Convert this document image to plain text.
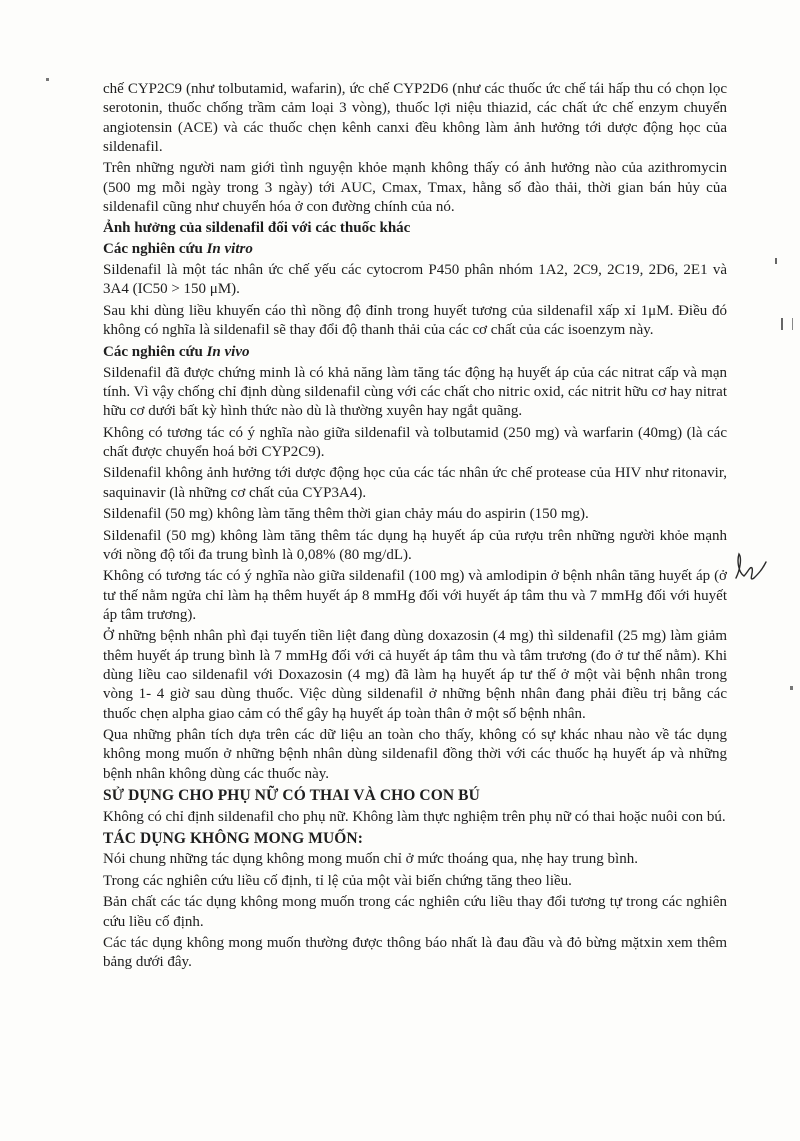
chế CYP2C9 (như tolbutamid, wafarin), ức chế CYP2D6 (như các thuốc ức chế tái hấp thu có chọn lọc serotonin, thuốc chống trầm cảm loại 3 vòng), thuốc lợi niệu thiazid, các chất ức chế enzym chuyển angiotensin (ACE) và các thuốc chẹn kênh canxi đều không làm ảnh hưởng tới dược động học của sildenafil.

Trên những người nam giới tình nguyện khỏe mạnh không thấy có ảnh hưởng nào của azithromycin (500 mg mỗi ngày trong 3 ngày) tới AUC, Cmax, Tmax, hằng số đào thải, thời gian bán hủy của sildenafil cũng như chuyển hóa ở con đường chính của nó.

Ảnh hưởng của sildenafil đối với các thuốc khác
Các nghiên cứu In vitro

Sildenafil là một tác nhân ức chế yếu các cytocrom P450 phân nhóm 1A2, 2C9, 2C19, 2D6, 2E1 và 3A4 (IC50 > 150 μM).

Sau khi dùng liều khuyến cáo thì nồng độ đỉnh trong huyết tương của sildenafil xấp xỉ 1μM. Điều đó không có nghĩa là sildenafil sẽ thay đổi độ thanh thải của các cơ chất của các isoenzym này.

Các nghiên cứu In vivo

Sildenafil đã được chứng minh là có khả năng làm tăng tác động hạ huyết áp của các nitrat cấp và mạn tính. Vì vậy chống chỉ định dùng sildenafil cùng với các chất cho nitric oxid, các nitrit hữu cơ hay nitrat hữu cơ dưới bất kỳ hình thức nào dù là thường xuyên hay ngắt quãng.

Không có tương tác có ý nghĩa nào giữa sildenafil và tolbutamid (250 mg) và warfarin (40mg) (là các chất được chuyển hoá bởi CYP2C9).

Sildenafil không ảnh hưởng tới dược động học của các tác nhân ức chế protease của HIV như ritonavir, saquinavir (là những cơ chất của CYP3A4).

Sildenafil (50 mg) không làm tăng thêm thời gian chảy máu do aspirin (150 mg).

Sildenafil (50 mg) không làm tăng thêm tác dụng hạ huyết áp của rượu trên những người khỏe mạnh với nồng độ tối đa trung bình là 0,08% (80 mg/dL).

Không có tương tác có ý nghĩa nào giữa sildenafil (100 mg) và amlodipin ở bệnh nhân tăng huyết áp (ở tư thế nằm ngửa chỉ làm hạ thêm huyết áp 8 mmHg đối với huyết áp tâm thu và 7 mmHg đối với huyết áp tâm trương).

Ở những bệnh nhân phì đại tuyến tiền liệt đang dùng doxazosin (4 mg) thì sildenafil (25 mg) làm giảm thêm huyết áp trung bình là 7 mmHg đối với cả huyết áp tâm thu và tâm trương (đo ở tư thế nằm). Khi dùng liều cao sildenafil với Doxazosin (4 mg) đã làm hạ huyết áp tư thế ở một vài bệnh nhân trong vòng 1- 4 giờ sau dùng thuốc. Việc dùng sildenafil ở những bệnh nhân đang phải điều trị bằng các thuốc chẹn alpha giao cảm có thể gây hạ huyết áp toàn thân ở một số bệnh nhân.

Qua những phân tích dựa trên các dữ liệu an toàn cho thấy, không có sự khác nhau nào về tác dụng không mong muốn ở những bệnh nhân dùng sildenafil đồng thời với các thuốc hạ huyết áp và những bệnh nhân không dùng các thuốc này.

SỬ DỤNG CHO PHỤ NỮ CÓ THAI VÀ CHO CON BÚ

Không có chỉ định sildenafil cho phụ nữ. Không làm thực nghiệm trên phụ nữ có thai hoặc nuôi con bú.

TÁC DỤNG KHÔNG MONG MUỐN:

Nói chung những tác dụng không mong muốn chỉ ở mức thoáng qua, nhẹ hay trung bình.

Trong các nghiên cứu liều cố định, tỉ lệ của một vài biến chứng tăng theo liều.

Bản chất các tác dụng không mong muốn trong các nghiên cứu liều thay đổi tương tự trong các nghiên cứu liều cố định.

Các tác dụng không mong muốn thường được thông báo nhất là đau đầu và đỏ bừng mặtxin xem thêm bảng dưới đây.
